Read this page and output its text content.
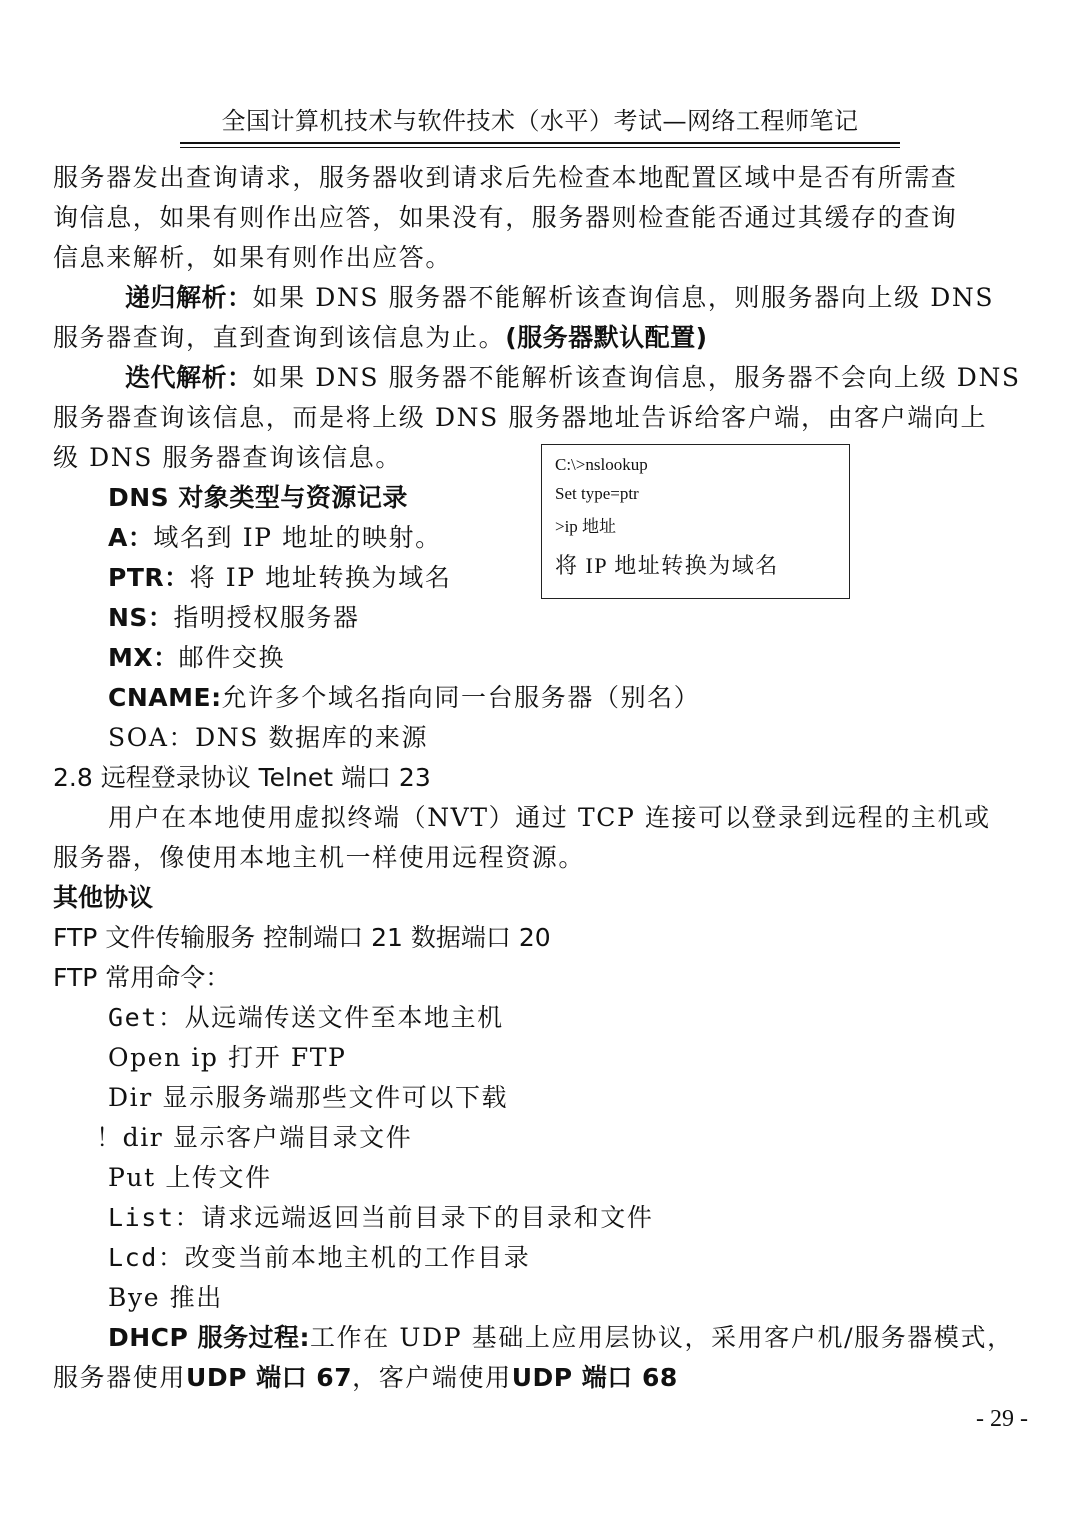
全国计算机技术与软件技术（水平）考试—网络工程师笔记
服务器发出查询请求，服务器收到请求后先检查本地配置区域中是否有所需查
询信息，如果有则作出应答，如果没有，服务器则检查能否通过其缓存的查询
信息来解析，如果有则作出应答。
递归解析：如果 DNS 服务器不能解析该查询信息，则服务器向上级 DNS
服务器查询，直到查询到该信息为止。(服务器默认配置)
迭代解析：如果 DNS 服务器不能解析该查询信息，服务器不会向上级 DNS
服务器查询该信息，而是将上级 DNS 服务器地址告诉给客户端，由客户端向上
级 DNS 服务器查询该信息。
DNS 对象类型与资源记录
A：域名到 IP 地址的映射。
PTR：将 IP 地址转换为域名
NS：指明授权服务器
MX：邮件交换
CNAME:允许多个域名指向同一台服务器（别名）
SOA：DNS 数据库的来源
C:\>nslookup
Set type=ptr
>ip 地址
将 IP 地址转换为域名
2.8 远程登录协议 Telnet 端口 23
用户在本地使用虚拟终端（NVT）通过 TCP 连接可以登录到远程的主机或
服务器，像使用本地主机一样使用远程资源。
其他协议
FTP 文件传输服务 控制端口 21 数据端口 20
FTP 常用命令：
Get：从远端传送文件至本地主机
Open ip 打开 FTP
Dir 显示服务端那些文件可以下载
！dir 显示客户端目录文件
Put 上传文件
List：请求远端返回当前目录下的目录和文件
Lcd：改变当前本地主机的工作目录
Bye 推出
DHCP 服务过程:工作在 UDP 基础上应用层协议，采用客户机/服务器模式，
服务器使用UDP 端口 67，客户端使用UDP 端口 68
- 29 -
